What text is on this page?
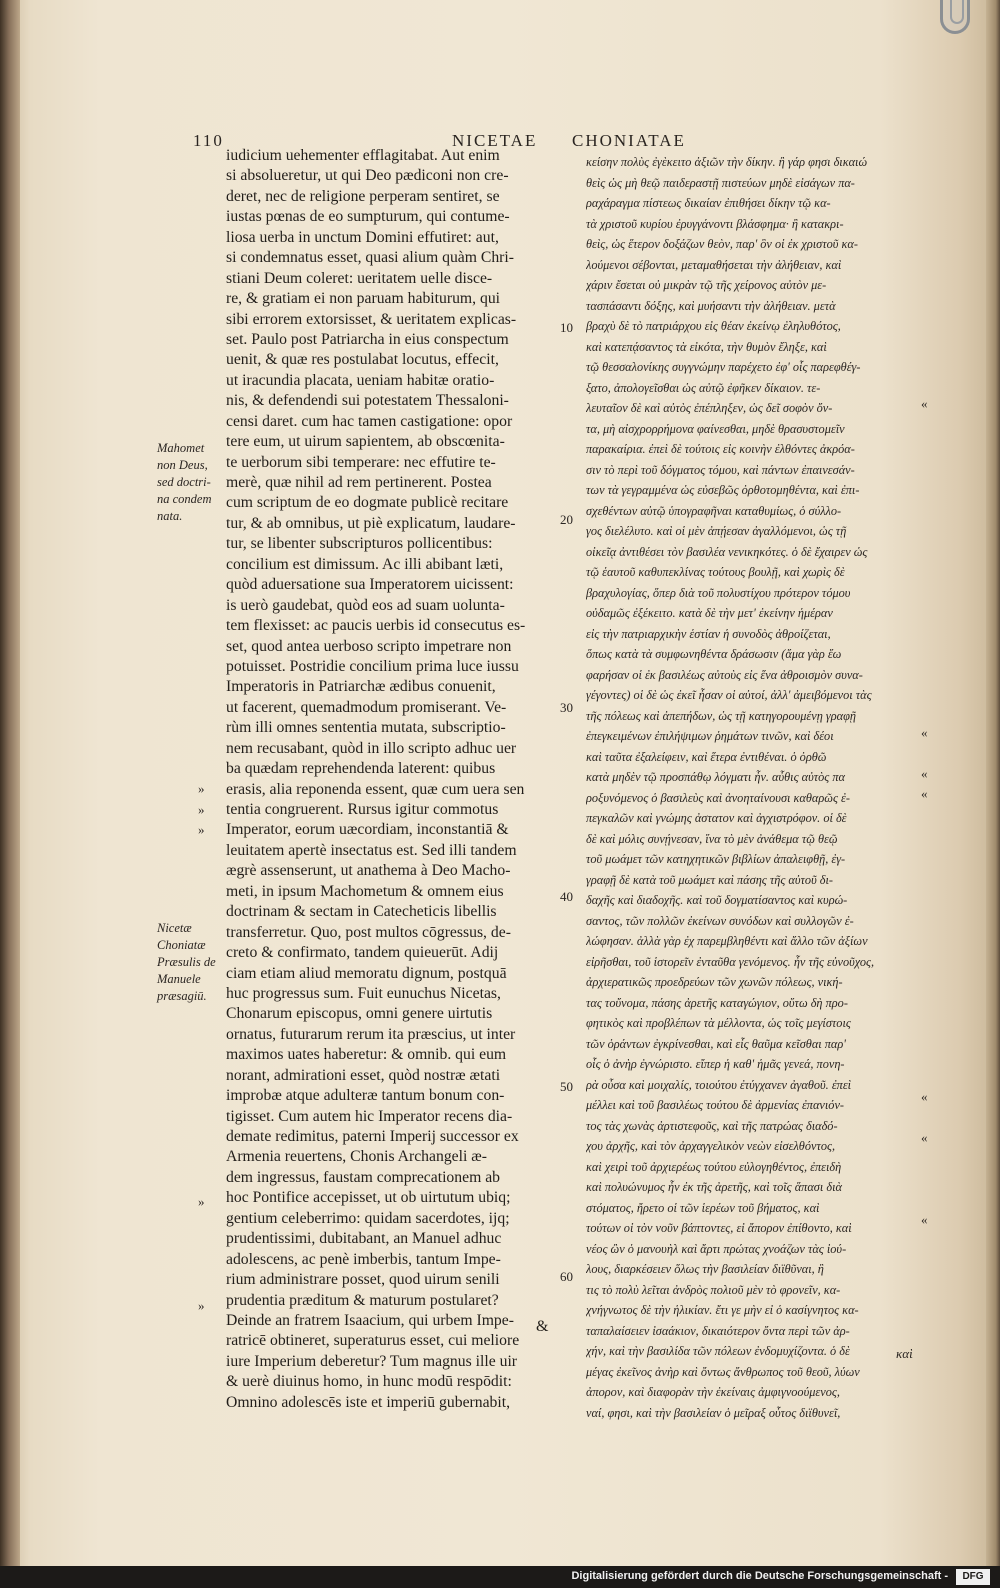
110	NICETAE CHONIATAE
iudicium uehementer efflagitabat. Aut enim
si absolueretur, ut qui Deo pædiconi non cre-
deret, nec de religione perperam sentiret, se
iustas pœnas de eo sumpturum, qui contume-
liosa uerba in unctum Domini effutiret: aut,
si condemnatus esset, quasi alium quàm Chri-
stiani Deum coleret: ueritatem uelle disce-
re, & gratiam ei non paruam habiturum, qui
sibi errorem extorsisset, & ueritatem explicas-
set. Paulo post Patriarcha in eius conspectum
uenit, & quæ res postulabat locutus, effecit,
ut iracundia placata, ueniam habitæ oratio-
nis, & defendendi sui potestatem Thessaloni-
censi daret. cum hac tamen castigatione: opor
tere eum, ut uirum sapientem, ab obscœnita-
te uerborum sibi temperare: nec effutire te-
merè, quæ nihil ad rem pertinerent. Postea
cum scriptum de eo dogmate publicè recitare
tur, & ab omnibus, ut piè explicatum, laudare-
tur, se libenter subscripturos pollicentibus:
concilium est dimissum. Ac illi abibant læti,
quòd aduersatione sua Imperatorem uicissent:
is uerò gaudebat, quòd eos ad suam uolunta-
tem flexisset: ac paucis uerbis id consecutus es-
set, quod antea uerboso scripto impetrare non
potuisset. Postridie concilium prima luce iussu
Imperatoris in Patriarchæ ædibus conuenit,
ut facerent, quemadmodum promiserant. Ve-
rùm illi omnes sententia mutata, subscriptio-
nem recusabant, quòd in illo scripto adhuc uer
ba quædam reprehendenda laterent: quibus
erasis, alia reponenda essent, quæ cum uera sen
tentia congruerent. Rursus igitur commotus
Imperator, eorum uæcordiam, inconstantiā &
leuitatem apertè insectatus est. Sed illi tandem
ægrè assenserunt, ut anathema à Deo Macho-
meti, in ipsum Machometum & omnem eius
doctrinam & sectam in Catecheticis libellis
transferretur. Quo, post multos cōgressus, de-
creto & confirmato, tandem quieuerūt. Adij
ciam etiam aliud memoratu dignum, postquā
huc progressus sum. Fuit eunuchus Nicetas,
Chonarum episcopus, omni genere uirtutis
ornatus, futurarum rerum ita præscius, ut inter
maximos uates haberetur: & omnib. qui eum
norant, admirationi esset, quòd nostræ ætati
improbæ atque adulteræ tantum bonum con-
tigisset. Cum autem hic Imperator recens dia-
demate redimitus, paterni Imperij successor ex
Armenia reuertens, Chonis Archangeli æ-
dem ingressus, faustam comprecationem ab
hoc Pontifice accepisset, ut ob uirtutum ubiq;
gentium celeberrimo: quidam sacerdotes, ijq;
prudentissimi, dubitabant, an Manuel adhuc
adolescens, ac penè imberbis, tantum Impe-
rium administrare posset, quod uirum senili
prudentia præditum & maturum postularet?
Deinde an fratrem Isaacium, qui urbem Impe-
ratricē obtineret, superaturus esset, cui meliore
iure Imperium deberetur? Tum magnus ille uir
& uerè diuinus homo, in hunc modū respōdit:
Omnino adolescēs iste et imperiū gubernabit,
κείσην πολὺς ἐγὲκειτο ἀξιῶν τὴν δίκην. ἢ γάρ φησι δικαιώ
θεὶς ὡς μὴ θεῷ παιδεραστῇ πιστεύων μηδὲ εἰσάγων πα-
ραχάραγμα πίστεως δικαίαν ἐπιθήσει δίκην τῷ κα-
τὰ χριστοῦ κυρίου ἐρυγγάνοντι βλάσφημα· ἢ κατακρι-
θεὶς, ὡς ἕτερον δοξάζων θεὸν, παρ' ὃν οἱ ἐκ χριστοῦ κα-
λούμενοι σέβονται, μεταμαθήσεται τὴν ἀλήθειαν, καὶ
χάριν ἔσεται οὐ μικρὰν τῷ τῆς χείρονος αὐτὸν με-
τασπάσαντι δόξης, καὶ μυήσαντι τὴν ἀλήθειαν. μετὰ
βραχὺ δὲ τὸ πατριάρχου εἰς θέαν ἐκείνῳ ἐληλυθότος,
καὶ κατεπᾴσαντος τὰ εἰκότα, τὴν θυμὸν ἔληξε, καὶ
τῷ θεσσαλονίκης συγγνώμην παρέχετο ἐφ' οἷς παρεφθέγ-
ξατο, ἀπολογεῖσθαι ὡς αὐτῷ ἐφῆκεν δίκαιον. τε-
λευταῖον δὲ καὶ αὐτὸς ἐπέπληξεν, ὡς δεῖ σοφὸν ὄν-
τα, μὴ αἰσχρορρήμονα φαίνεσθαι, μηδὲ θρασυστομεῖν
παρακαίρια. ἐπεὶ δὲ τούτοις εἰς κοινὴν ἐλθόντες ἀκρόα-
σιν τὸ περὶ τοῦ δόγματος τόμου, καὶ πάντων ἐπαινεσάν-
των τὰ γεγραμμένα ὡς εὐσεβῶς ὀρθοτομηθέντα, καὶ ἐπι-
σχεθέντων αὐτῷ ὑπογραφῆναι καταθυμίως, ὁ σύλλο-
γος διελέλυτο. καὶ οἱ μὲν ἀπῄεσαν ἀγαλλόμενοι, ὡς τῇ
οἰκεῖᾳ ἀντιθέσει τὸν βασιλέα νενικηκότες. ὁ δὲ ἔχαιρεν ὡς
τῷ ἑαυτοῦ καθυπεκλίνας τούτους βουλῇ, καὶ χωρὶς δὲ
βραχυλογίας, ὅπερ διὰ τοῦ πολυστίχου πρότερον τόμου
οὐδαμῶς ἐξέκειτο. κατὰ δὲ τὴν μετ' ἐκείνην ἡμέραν
εἰς τὴν πατριαρχικὴν ἑστίαν ἡ συνοδὸς ἀθροίζεται,
ὅπως κατὰ τὰ συμφωνηθέντα δράσωσιν (ἅμα γὰρ ἕω
φαρήσαν οἱ ἐκ βασιλέως αὐτοὺς εἰς ἕνα ἀθροισμὸν συνα-
γέγοντες) οἱ δὲ ὡς ἐκεῖ ἦσαν οἱ αὐτοί, ἀλλ' ἀμειβόμενοι τὰς
τῆς πόλεως καὶ ἀπεπήδων, ὡς τῇ κατηγορουμένῃ γραφῇ
ἐπεγκειμένων ἐπιλήψιμων ῥημάτων τινῶν, καὶ δέοι
καὶ ταῦτα ἐξαλείφειν, καὶ ἕτερα ἐντιθέναι. ὁ ὀρθῶ
κατὰ μηδὲν τῷ προσπάθῳ λόγματι ἦν. αὖθις αὐτὸς πα
ροξυνόμενος ὁ βασιλεὺς καὶ ἀνοηταίνουσι καθαρῶς ἐ-
πεγκαλῶν καὶ γνώμης ἀστατον καὶ ἀγχιστρόφον. οἱ δὲ
δὲ καὶ μόλις συνῄνεσαν, ἵνα τὸ μὲν ἀνάθεμα τῷ θεῷ
τοῦ μωάμετ τῶν κατηχητικῶν βιβλίων ἀπαλειφθῇ, ἐγ-
γραφῇ δὲ κατὰ τοῦ μωάμετ καὶ πάσης τῆς αὐτοῦ δι-
δαχῆς καὶ διαδοχῆς. καὶ τοῦ δογματίσαντος καὶ κυρώ-
σαντος, τῶν πολλῶν ἐκείνων συνόδων καὶ συλλογῶν ἐ-
λώφησαν. ἀλλὰ γὰρ ἐχ παρεμβληθέντι καὶ ἄλλο τῶν ἀξίων
εἰρῆσθαι, τοῦ ἱστορεῖν ἐνταῦθα γενόμενος. ἦν τῆς εὐνοῦχος,
ἀρχιερατικῶς προεδρεύων τῶν χωνῶν πόλεως, νική-
τας τοὔνομα, πάσης ἀρετῆς καταγώγιον, οὕτω δὴ προ-
φητικὸς καὶ προβλέπων τὰ μέλλοντα, ὡς τοῖς μεγίστοις
τῶν ὁράντων ἐγκρίνεσθαι, καὶ εἶς θαῦμα κεῖσθαι παρ'
οἷς ὁ ἀνὴρ ἐγνώριστο. εἴπερ ἡ καθ' ἡμᾶς γενεά, πονη-
ρὰ οὖσα καὶ μοιχαλίς, τοιούτου ἐτύγχανεν ἀγαθοῦ. ἐπεὶ
μέλλει καὶ τοῦ βασιλέως τούτου δὲ ἀρμενίας ἐπανιόν-
τος τὰς χωνὰς ἀρτιστεφοῦς, καὶ τῆς πατρώας διαδό-
χου ἀρχῆς, καὶ τὸν ἀρχαγγελικὸν νεὼν εἰσελθόντος,
καὶ χειρὶ τοῦ ἀρχιερέως τούτου εὐλογηθέντος, ἐπειδὴ
καὶ πολυώνυμος ἦν ἐκ τῆς ἀρετῆς, καὶ τοῖς ἅπασι διὰ
στόματος, ἤρετο οἱ τῶν ἱερέων τοῦ βήματος, καὶ
τούτων οἱ τὸν νοῦν βάπτοντες, εἰ ἄπορον ἐπίθοντο, καὶ
νέος ὢν ὁ μανουὴλ καὶ ἄρτι πρώτας χνοάζων τὰς ἰού-
λους, διαρκέσειεν ὅλως τὴν βασιλείαν διϊθῦναι, ἣ
τις τὸ πολὺ λεῖται ἀνδρὸς πολιοῦ μὲν τὸ φρονεῖν, κα-
χνήγνωτος δὲ τὴν ἡλικίαν. ἔτι γε μὴν εἰ ὁ κασίγνητος κα-
ταπαλαίσειεν ἰσαάκιον, δικαιότερον ὄντα περὶ τῶν ἀρ-
χήν, καὶ τὴν βασιλίδα τῶν πόλεων ἐνδομυχίζοντα. ὁ δὲ
μέγας ἐκεῖνος ἀνὴρ καὶ ὄντως ἄνθρωπος τοῦ θεοῦ, λύων
ἀπορον, καὶ διαφορὰν τὴν ἐκείναις ἀμφιγνοούμενος,
ναί, φησι, καὶ τὴν βασιλείαν ὁ μεῖραξ οὗτος διϊθυνεῖ,
&
καὶ
10
20
30
40
50
60
Mahomet
non Deus,
sed doctri-
na condem
nata.
Nicetæ
Choniatæ
Præsulis de
Manuele
præsagiū.
»
»
»
»
»
«
«
«
«
«
«
«
Digitalisierung gefördert durch die Deutsche Forschungsgemeinschaft -	DFG
